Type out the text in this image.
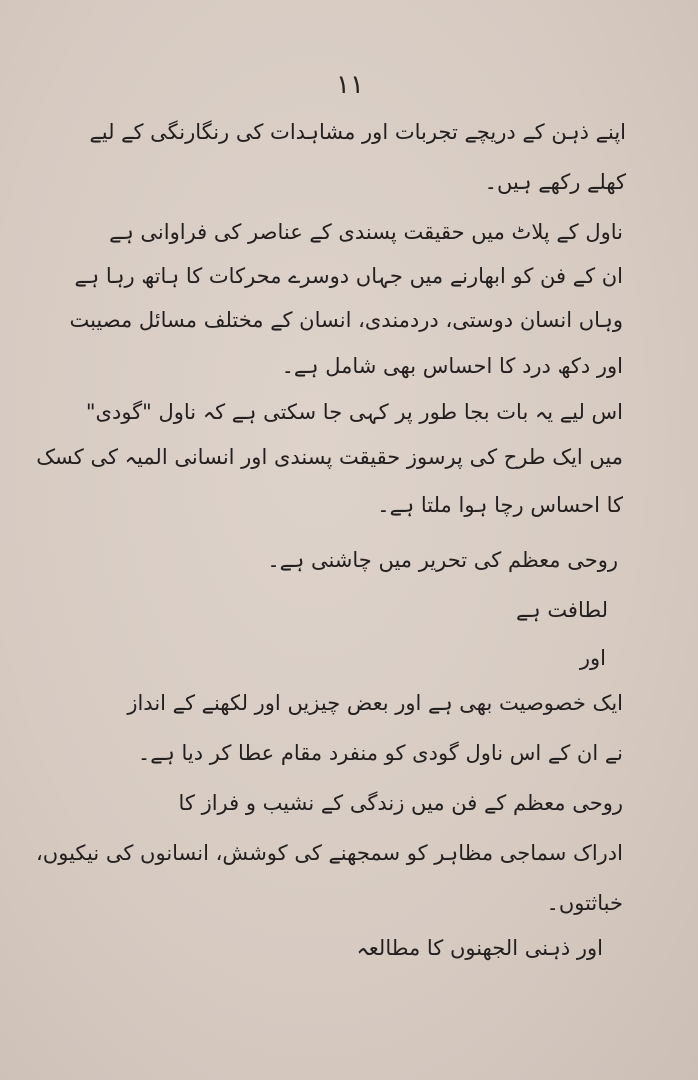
۱۱

اپنے ذہن کے دریچے تجربات اور مشاہدات کی رنگارنگی کے لیے

کھلے رکھے ہیں۔

ناول کے پلاٹ میں حقیقت پسندی کے عناصر کی فراوانی ہے

ان کے فن کو ابھارنے میں جہاں دوسرے محرکات کا ہاتھ رہا ہے

وہاں انسان دوستی، دردمندی، انسان کے مختلف مسائل مصیبت

اور دکھ درد کا احساس بھی شامل ہے۔

اس لیے یہ بات بجا طور پر کہی جا سکتی ہے کہ ناول "گودی"

میں ایک طرح کی پرسوز حقیقت پسندی اور انسانی المیہ کی کسک

کا احساس رچا ہوا ملتا ہے۔

روحی معظم کی تحریر میں چاشنی ہے۔

لطافت ہے

اور

ایک خصوصیت بھی ہے اور بعض چیزیں اور لکھنے کے انداز

نے ان کے اس ناول گودی کو منفرد مقام عطا کر دیا ہے۔

روحی معظم کے فن میں زندگی کے نشیب و فراز کا

ادراک سماجی مظاہر کو سمجھنے کی کوشش، انسانوں کی نیکیوں،

خباثتوں۔

اور ذہنی الجھنوں کا مطالعہ
